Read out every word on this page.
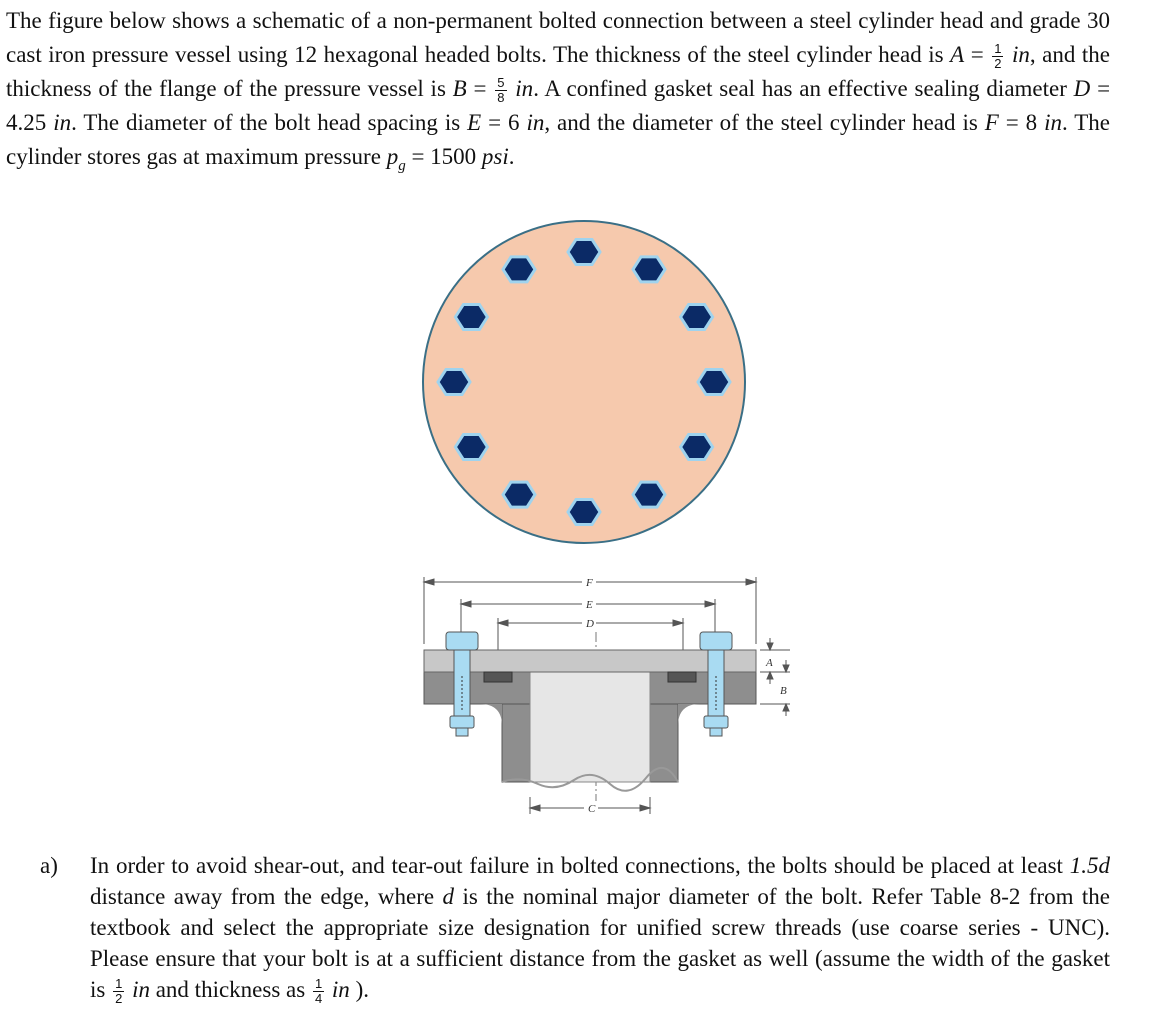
The figure below shows a schematic of a non-permanent bolted connection between a steel cylinder head and grade 30 cast iron pressure vessel using 12 hexagonal headed bolts. The thickness of the steel cylinder head is $A = \frac{1}{2}$ in, and the thickness of the flange of the pressure vessel is $B = \frac{5}{8}$ in. A confined gasket seal has an effective sealing diameter D = 4.25 in. The diameter of the bolt head spacing is E = 6 in, and the diameter of the steel cylinder head is F = 8 in. The cylinder stores gas at maximum pressure $p_g = 1500$ psi.
F
E
D
C
A
B
a) In order to avoid shear-out, and tear-out failure in bolted connections, the bolts should be placed at least 1.5d distance away from the edge, where d is the nominal major diameter of the bolt. Refer Table 8-2 from the textbook and select the appropriate size designation for unified screw threads (use coarse series - UNC). Please ensure that your bolt is at a sufficient distance from the gasket as well (assume the width of the gasket is $\frac{1}{2}$ in and thickness as $\frac{1}{4}$ in ).
